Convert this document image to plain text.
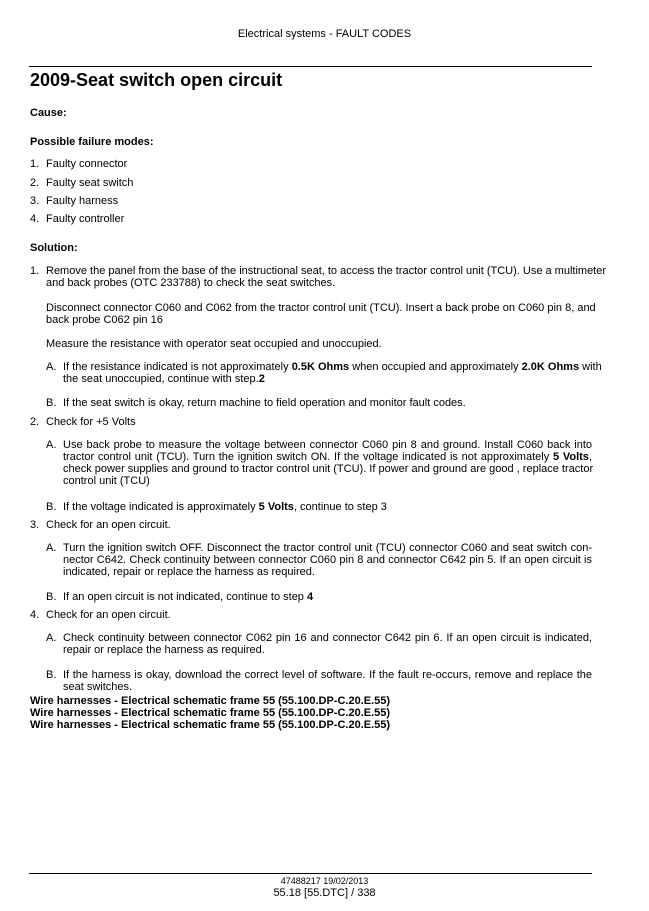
Electrical systems - FAULT CODES
2009-Seat switch open circuit
Cause:
Possible failure modes:
1. Faulty connector
2. Faulty seat switch
3. Faulty harness
4. Faulty controller
Solution:
1. Remove the panel from the base of the instructional seat, to access the tractor control unit (TCU). Use a multimeter
and back probes (OTC 233788) to check the seat switches.
Disconnect connector C060 and C062 from the tractor control unit (TCU). Insert a back probe on C060 pin 8, and
back probe C062 pin 16
Measure the resistance with operator seat occupied and unoccupied.
A. If the resistance indicated is not approximately 0.5K Ohms when occupied and approximately 2.0K Ohms with
the seat unoccupied, continue with step.2
B. If the seat switch is okay, return machine to field operation and monitor fault codes.
2. Check for +5 Volts
A. Use back probe to measure the voltage between connector C060 pin 8 and ground. Install C060 back into
tractor control unit (TCU). Turn the ignition switch ON. If the voltage indicated is not approximately 5 Volts,
check power supplies and ground to tractor control unit (TCU). If power and ground are good , replace tractor
control unit (TCU)
B. If the voltage indicated is approximately 5 Volts, continue to step 3
3. Check for an open circuit.
A. Turn the ignition switch OFF. Disconnect the tractor control unit (TCU) connector C060 and seat switch con-
nector C642. Check continuity between connector C060 pin 8 and connector C642 pin 5. If an open circuit is
indicated, repair or replace the harness as required.
B. If an open circuit is not indicated, continue to step 4
4. Check for an open circuit.
A. Check continuity between connector C062 pin 16 and connector C642 pin 6. If an open circuit is indicated,
repair or replace the harness as required.
B. If the harness is okay, download the correct level of software. If the fault re-occurs, remove and replace the
seat switches.
Wire harnesses - Electrical schematic frame 55 (55.100.DP-C.20.E.55)
Wire harnesses - Electrical schematic frame 55 (55.100.DP-C.20.E.55)
Wire harnesses - Electrical schematic frame 55 (55.100.DP-C.20.E.55)
47488217 19/02/2013
55.18 [55.DTC] / 338
